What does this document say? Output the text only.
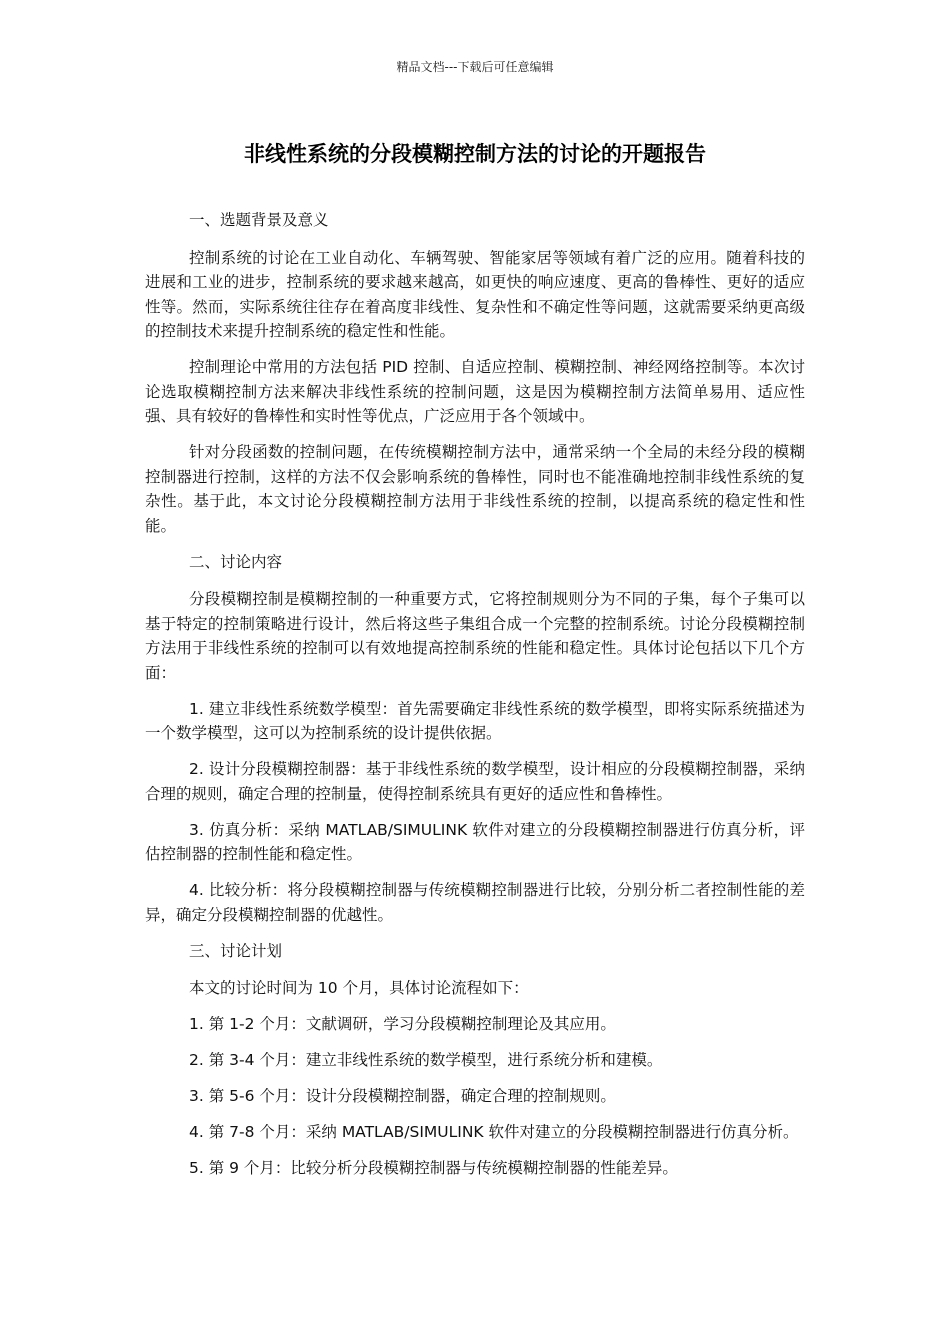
精品文档---下载后可任意编辑
非线性系统的分段模糊控制方法的讨论的开题报告

一、选题背景及意义

控制系统的讨论在工业自动化、车辆驾驶、智能家居等领域有着广泛的应用。随着科技的进展和工业的进步，控制系统的要求越来越高，如更快的响应速度、更高的鲁棒性、更好的适应性等。然而，实际系统往往存在着高度非线性、复杂性和不确定性等问题，这就需要采纳更高级的控制技术来提升控制系统的稳定性和性能。

控制理论中常用的方法包括 PID 控制、自适应控制、模糊控制、神经网络控制等。本次讨论选取模糊控制方法来解决非线性系统的控制问题，这是因为模糊控制方法简单易用、适应性强、具有较好的鲁棒性和实时性等优点，广泛应用于各个领域中。

针对分段函数的控制问题，在传统模糊控制方法中，通常采纳一个全局的未经分段的模糊控制器进行控制，这样的方法不仅会影响系统的鲁棒性，同时也不能准确地控制非线性系统的复杂性。基于此，本文讨论分段模糊控制方法用于非线性系统的控制，以提高系统的稳定性和性能。

二、讨论内容

分段模糊控制是模糊控制的一种重要方式，它将控制规则分为不同的子集，每个子集可以基于特定的控制策略进行设计，然后将这些子集组合成一个完整的控制系统。讨论分段模糊控制方法用于非线性系统的控制可以有效地提高控制系统的性能和稳定性。具体讨论包括以下几个方面：

1. 建立非线性系统数学模型：首先需要确定非线性系统的数学模型，即将实际系统描述为一个数学模型，这可以为控制系统的设计提供依据。

2. 设计分段模糊控制器：基于非线性系统的数学模型，设计相应的分段模糊控制器，采纳合理的规则，确定合理的控制量，使得控制系统具有更好的适应性和鲁棒性。

3. 仿真分析：采纳 MATLAB/SIMULINK 软件对建立的分段模糊控制器进行仿真分析，评估控制器的控制性能和稳定性。

4. 比较分析：将分段模糊控制器与传统模糊控制器进行比较，分别分析二者控制性能的差异，确定分段模糊控制器的优越性。

三、讨论计划

本文的讨论时间为 10 个月，具体讨论流程如下：

1. 第 1-2 个月：文献调研，学习分段模糊控制理论及其应用。

2. 第 3-4 个月：建立非线性系统的数学模型，进行系统分析和建模。

3. 第 5-6 个月：设计分段模糊控制器，确定合理的控制规则。

4. 第 7-8 个月：采纳 MATLAB/SIMULINK 软件对建立的分段模糊控制器进行仿真分析。

5. 第 9 个月：比较分析分段模糊控制器与传统模糊控制器的性能差异。
